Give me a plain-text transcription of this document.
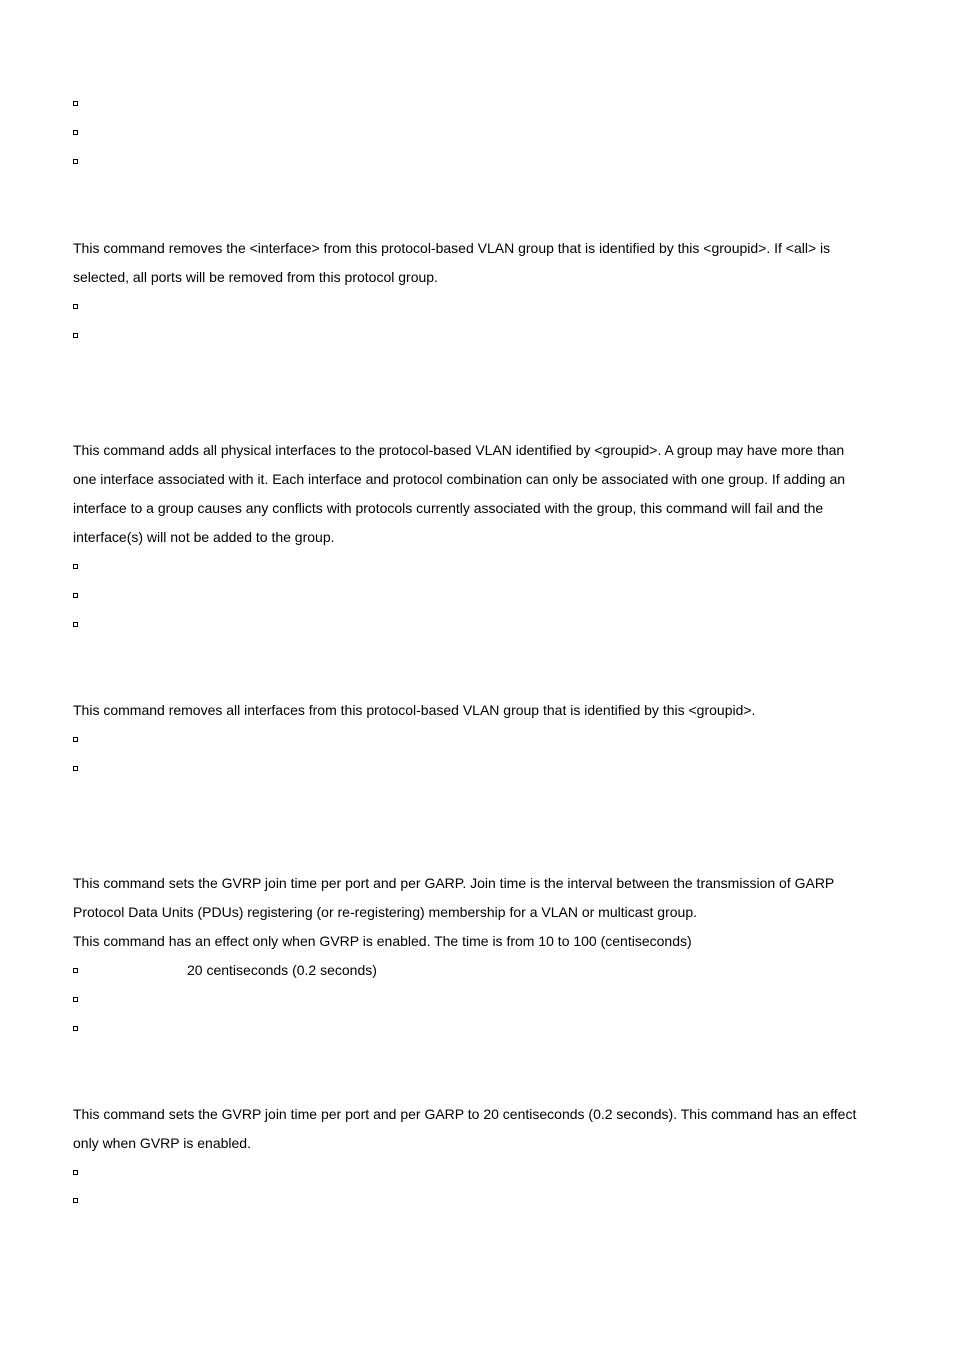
This command removes the <interface> from this protocol-based VLAN group that is identified by this <groupid>. If <all> is
selected, all ports will be removed from this protocol group.
This command adds all physical interfaces to the protocol-based VLAN identified by <groupid>. A group may have more than
one interface associated with it. Each interface and protocol combination can only be associated with one group. If adding an
interface to a group causes any conflicts with protocols currently associated with the group, this command will fail and the
interface(s) will not be added to the group.
This command removes all interfaces from this protocol-based VLAN group that is identified by this <groupid>.
This command sets the GVRP join time per port and per GARP. Join time is the interval between the transmission of GARP
Protocol Data Units (PDUs) registering (or re-registering) membership for a VLAN or multicast group.
This command has an effect only when GVRP is enabled. The time is from 10 to 100 (centiseconds)
20 centiseconds (0.2 seconds)
This command sets the GVRP join time per port and per GARP to 20 centiseconds (0.2 seconds). This command has an effect
only when GVRP is enabled.
